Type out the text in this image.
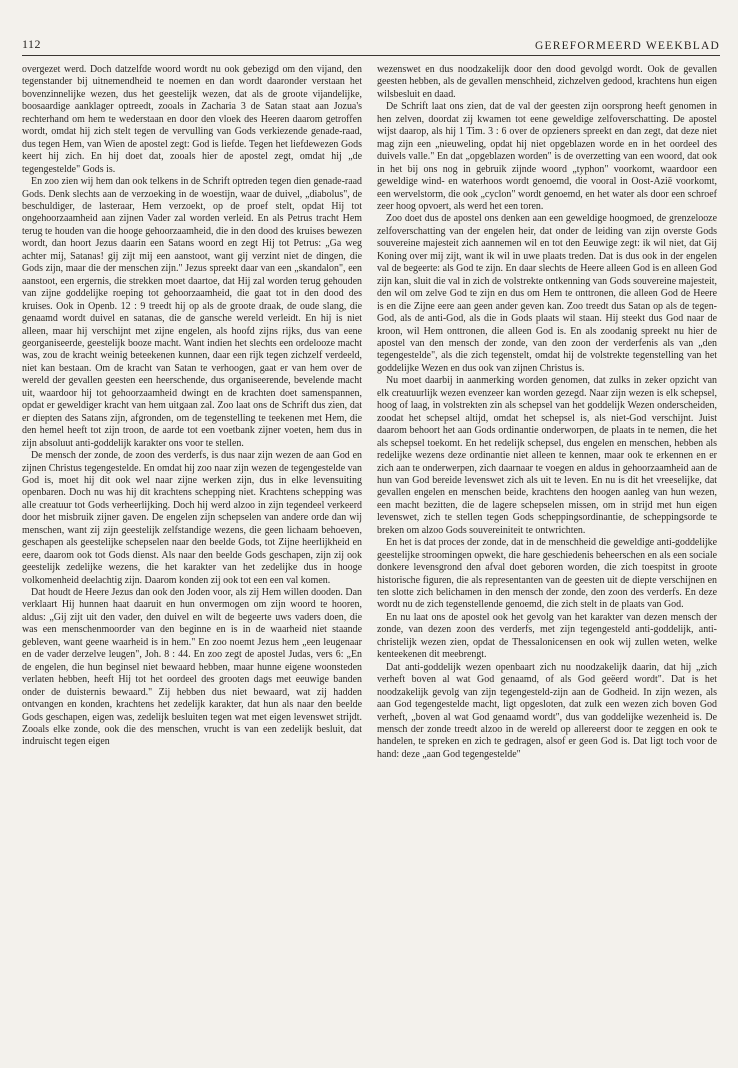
112	GEREFORMEERD WEEKBLAD

overgezet werd. Doch datzelfde woord wordt nu ook gebezigd om den vijand, den tegenstander bij uitnemendheid te noemen en dan wordt daaronder verstaan het bovenzinnelijke wezen, dus het geestelijk wezen, dat als de groote vijandelijke, boosaardige aanklager optreedt, zooals in Zacharia 3 de Satan staat aan Jozua's rechterhand om hem te wederstaan en door den vloek des Heeren daarom getroffen wordt, omdat hij zich stelt tegen de vervulling van Gods verkiezende genade-raad, dus tegen Hem, van Wien de apostel zegt: God is liefde. Tegen het liefdewezen Gods keert hij zich. En hij doet dat, zooals hier de apostel zegt, omdat hij „de tegengestelde" Gods is.

En zoo zien wij hem dan ook telkens in de Schrift optreden tegen dien genade-raad Gods. Denk slechts aan de verzoeking in de woestijn, waar de duivel, „diabolus", de beschuldiger, de lasteraar, Hem verzoekt, op de proef stelt, opdat Hij tot ongehoorzaamheid aan zijnen Vader zal worden verleid. En als Petrus tracht Hem terug te houden van die hooge gehoorzaamheid, die in den dood des kruises bewezen wordt, dan hoort Jezus daarin een Satans woord en zegt Hij tot Petrus: „Ga weg achter mij, Satanas! gij zijt mij een aanstoot, want gij verzint niet de dingen, die Gods zijn, maar die der menschen zijn." Jezus spreekt daar van een „skandalon", een aanstoot, een ergernis, die strekken moet daartoe, dat Hij zal worden terug gehouden van zijne goddelijke roeping tot gehoorzaamheid, die gaat tot in den dood des kruises. Ook in Openb. 12 : 9 treedt hij op als de groote draak, de oude slang, die genaamd wordt duivel en satanas, die de gansche wereld verleidt. En hij is niet alleen, maar hij verschijnt met zijne engelen, als hoofd zijns rijks, dus van eene georganiseerde, geestelijk booze macht. Want indien het slechts een ordelooze macht was, zou de kracht weinig beteekenen kunnen, daar een rijk tegen zichzelf verdeeld, niet kan bestaan. Om de kracht van Satan te verhoogen, gaat er van hem over de wereld der gevallen geesten een heerschende, dus organiseerende, bevelende macht uit, waardoor hij tot gehoorzaamheid dwingt en de krachten doet samenspannen, opdat er geweldiger kracht van hem uitgaan zal. Zoo laat ons de Schrift dus zien, dat er diepten des Satans zijn, afgronden, om de tegenstelling te teekenen met Hem, die den hemel heeft tot zijn troon, de aarde tot een voetbank zijner voeten, hem dus in zijn absoluut anti-goddelijk karakter ons voor te stellen.

De mensch der zonde, de zoon des verderfs, is dus naar zijn wezen de aan God en zijnen Christus tegengestelde. En omdat hij zoo naar zijn wezen de tegengestelde van God is, moet hij dit ook wel naar zijne werken zijn, dus in elke levensuiting openbaren. Doch nu was hij dit krachtens schepping niet. Krachtens schepping was alle creatuur tot Gods verheerlijking. Doch hij werd alzoo in zijn tegendeel verkeerd door het misbruik zijner gaven. De engelen zijn schepselen van andere orde dan wij menschen, want zij zijn geestelijk zelfstandige wezens, die geen lichaam behoeven, geschapen als geestelijke schepselen naar den beelde Gods, tot Zijne heerlijkheid en eere, daarom ook tot Gods dienst. Als naar den beelde Gods geschapen, zijn zij ook geestelijk zedelijke wezens, die het karakter van het zedelijke dus in hooge volkomenheid deelachtig zijn. Daarom konden zij ook tot een een val komen.

Dat houdt de Heere Jezus dan ook den Joden voor, als zij Hem willen dooden. Dan verklaart Hij hunnen haat daaruit en hun onvermogen om zijn woord te hooren, aldus: „Gij zijt uit den vader, den duivel en wilt de begeerte uws vaders doen, die was een menschenmoorder van den beginne en is in de waarheid niet staande gebleven, want geene waarheid is in hem." En zoo noemt Jezus hem „een leugenaar en de vader derzelve leugen", Joh. 8 : 44. En zoo zegt de apostel Judas, vers 6: „En de engelen, die hun beginsel niet bewaard hebben, maar hunne eigene woonsteden verlaten hebben, heeft Hij tot het oordeel des grooten dags met eeuwige banden onder de duisternis bewaard." Zij hebben dus niet bewaard, wat zij hadden ontvangen en konden, krachtens het zedelijk karakter, dat hun als naar den beelde Gods geschapen, eigen was, zedelijk besluiten tegen wat met eigen levenswet strijdt. Zooals elke zonde, ook die des menschen, vrucht is van een zedelijk besluit, dat indruischt tegen eigen

wezenswet en dus noodzakelijk door den dood gevolgd wordt. Ook de gevallen geesten hebben, als de gevallen menschheid, zichzelven gedood, krachtens hun eigen wilsbesluit en daad.

De Schrift laat ons zien, dat de val der geesten zijn oorsprong heeft genomen in hen zelven, doordat zij kwamen tot eene geweldige zelfoverschatting. De apostel wijst daarop, als hij 1 Tim. 3 : 6 over de opzieners spreekt en dan zegt, dat deze niet mag zijn een „nieuweling, opdat hij niet opgeblazen worde en in het oordeel des duivels valle." En dat „opgeblazen worden" is de overzetting van een woord, dat ook in het bij ons nog in gebruik zijnde woord „typhon" voorkomt, waardoor een geweldige wind- en waterhoos wordt genoemd, die vooral in Oost-Azië voorkomt, een wervelstorm, die ook „cyclon" wordt genoemd, en het water als door een schroef zeer hoog opvoert, als werd het een toren.

Zoo doet dus de apostel ons denken aan een geweldige hoogmoed, de grenzelooze zelfoverschatting van der engelen heir, dat onder de leiding van zijn overste Gods souvereine majesteit zich aannemen wil en tot den Eeuwige zegt: ik wil niet, dat Gij Koning over mij zijt, want ik wil in uwe plaats treden. Dat is dus ook in der engelen val de begeerte: als God te zijn. En daar slechts de Heere alleen God is en alleen God zijn kan, sluit die val in zich de volstrekte ontkenning van Gods souvereine majesteit, den wil om zelve God te zijn en dus om Hem te onttronen, die alleen God de Heere is en die Zijne eere aan geen ander geven kan. Zoo treedt dus Satan op als de tegen-God, als de anti-God, als die in Gods plaats wil staan. Hij steekt dus God naar de kroon, wil Hem onttronen, die alleen God is. En als zoodanig spreekt nu hier de apostel van den mensch der zonde, van den zoon der verderfenis als van „den tegengestelde", als die zich tegenstelt, omdat hij de volstrekte tegenstelling van het goddelijke Wezen en dus ook van zijnen Christus is.

Nu moet daarbij in aanmerking worden genomen, dat zulks in zeker opzicht van elk creatuurlijk wezen evenzeer kan worden gezegd. Naar zijn wezen is elk schepsel, hoog of laag, in volstrekten zin als schepsel van het goddelijk Wezen onderscheiden, zoodat het schepsel altijd, omdat het schepsel is, als niet-God verschijnt. Juist daarom behoort het aan Gods ordinantie onderworpen, de plaats in te nemen, die het als schepsel toekomt. En het redelijk schepsel, dus engelen en menschen, hebben als redelijke wezens deze ordinantie niet alleen te kennen, maar ook te erkennen en er zich aan te onderwerpen, zich daarnaar te voegen en aldus in gehoorzaamheid aan de hun van God bereide levenswet zich als uit te leven. En nu is dit het vreeselijke, dat gevallen engelen en menschen beide, krachtens den hoogen aanleg van hun wezen, een macht bezitten, die de lagere schepselen missen, om in strijd met hun eigen levenswet, zich te stellen tegen Gods scheppingsordinantie, de scheppingsorde te breken om alzoo Gods souvereiniteit te ontwrichten.

En het is dat proces der zonde, dat in de menschheid die geweldige anti-goddelijke geestelijke stroomingen opwekt, die hare geschiedenis beheerschen en als een sociale donkere levensgrond den afval doet geboren worden, die zich toespitst in groote historische figuren, die als representanten van de geesten uit de diepte verschijnen en ten slotte zich belichamen in den mensch der zonde, den zoon des verderfs. En deze wordt nu de zich tegenstellende genoemd, die zich stelt in de plaats van God.

En nu laat ons de apostel ook het gevolg van het karakter van dezen mensch der zonde, van dezen zoon des verderfs, met zijn tegengesteld anti-goddelijk, anti-christelijk wezen zien, opdat de Thessalonicensen en ook wij zullen weten, welke kenteekenen dit meebrengt.

Dat anti-goddelijk wezen openbaart zich nu noodzakelijk daarin, dat hij „zich verheft boven al wat God genaamd, of als God geëerd wordt". Dat is het noodzakelijk gevolg van zijn tegengesteld-zijn aan de Godheid. In zijn wezen, als aan God tegengestelde macht, ligt opgesloten, dat zulk een wezen zich boven God verheft, „boven al wat God genaamd wordt", dus van goddelijke wezenheid is. De mensch der zonde treedt alzoo in de wereld op allereerst door te zeggen en ook te handelen, te spreken en zich te gedragen, alsof er geen God is. Dat ligt toch voor de hand: deze „aan God tegengestelde"
